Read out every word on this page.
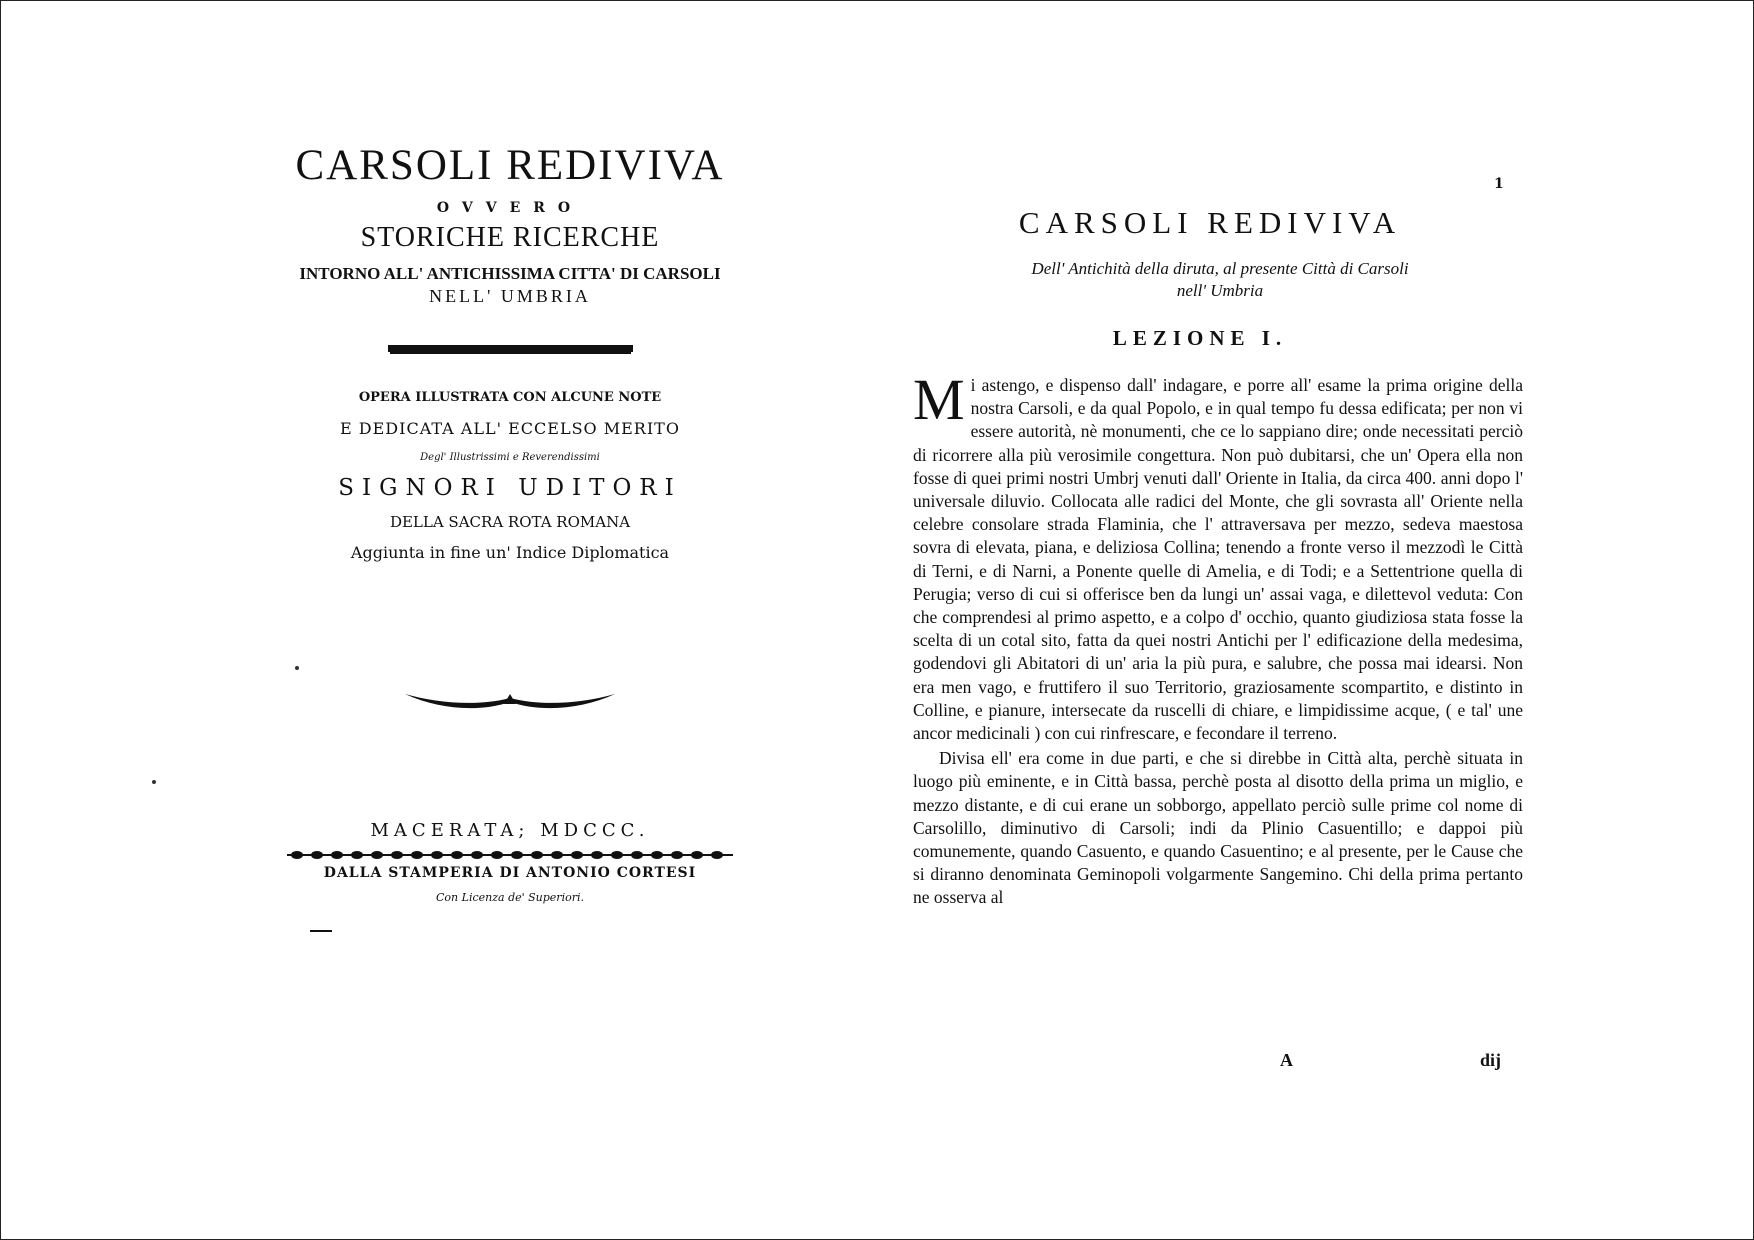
CARSOLI REDIVIVA
OVVERO
STORICHE RICERCHE
INTORNO ALL' ANTICHISSIMA CITTA' DI CARSOLI
NELL' UMBRIA
OPERA ILLUSTRATA CON ALCUNE NOTE
E DEDICATA ALL' ECCELSO MERITO
Degl' Illustrissimi e Reverendissimi
SIGNORI UDITORI
DELLA SACRA ROTA ROMANA
Aggiunta in fine un' Indice Diplomatica
MACERATA; MDCCC.
DALLA STAMPERIA DI ANTONIO CORTESI
Con Licenza de' Superiori.
1
CARSOLI REDIVIVA
Dell' Antichità della diruta, al presente Città di Carsoli
nell' Umbria
LEZIONE I.

Mi astengo, e dispenso dall' indagare, e porre all' esame la prima origine della nostra Carsoli, e da qual Popolo, e in qual tempo fu dessa edificata; per non vi essere autorità, nè monumenti, che ce lo sappiano dire; onde necessitati perciò di ricorrere alla più verosimile congettura. Non può dubitarsi, che un' Opera ella non fosse di quei primi nostri Umbrj venuti dall' Oriente in Italia, da circa 400. anni dopo l' universale diluvio. Collocata alle radici del Monte, che gli sovrasta all' Oriente nella celebre consolare strada Flaminia, che l' attraversava per mezzo, sedeva maestosa sovra di elevata, piana, e deliziosa Collina; tenendo a fronte verso il mezzodì le Città di Terni, e di Narni, a Ponente quelle di Amelia, e di Todi; e a Settentrione quella di Perugia; verso di cui si offerisce ben da lungi un' assai vaga, e dilettevol veduta: Con che comprendesi al primo aspetto, e a colpo d' occhio, quanto giudiziosa stata fosse la scelta di un cotal sito, fatta da quei nostri Antichi per l' edificazione della medesima, godendovi gli Abitatori di un' aria la più pura, e salubre, che possa mai idearsi. Non era men vago, e fruttifero il suo Territorio, graziosamente scompartito, e distinto in Colline, e pianure, intersecate da ruscelli di chiare, e limpidissime acque, ( e tal' une ancor medicinali ) con cui rinfrescare, e fecondare il terreno.

Divisa ell' era come in due parti, e che si direbbe in Città alta, perchè situata in luogo più eminente, e in Città bassa, perchè posta al disotto della prima un miglio, e mezzo distante, e di cui erane un sobborgo, appellato perciò sulle prime col nome di Carsolillo, diminutivo di Carsoli; indi da Plinio Casuentillo; e dappoi più comunemente, quando Casuento, e quando Casuentino; e al presente, per le Cause che si diranno denominata Geminopoli volgarmente Sangemino. Chi della prima pertanto ne osserva al

A	dij
